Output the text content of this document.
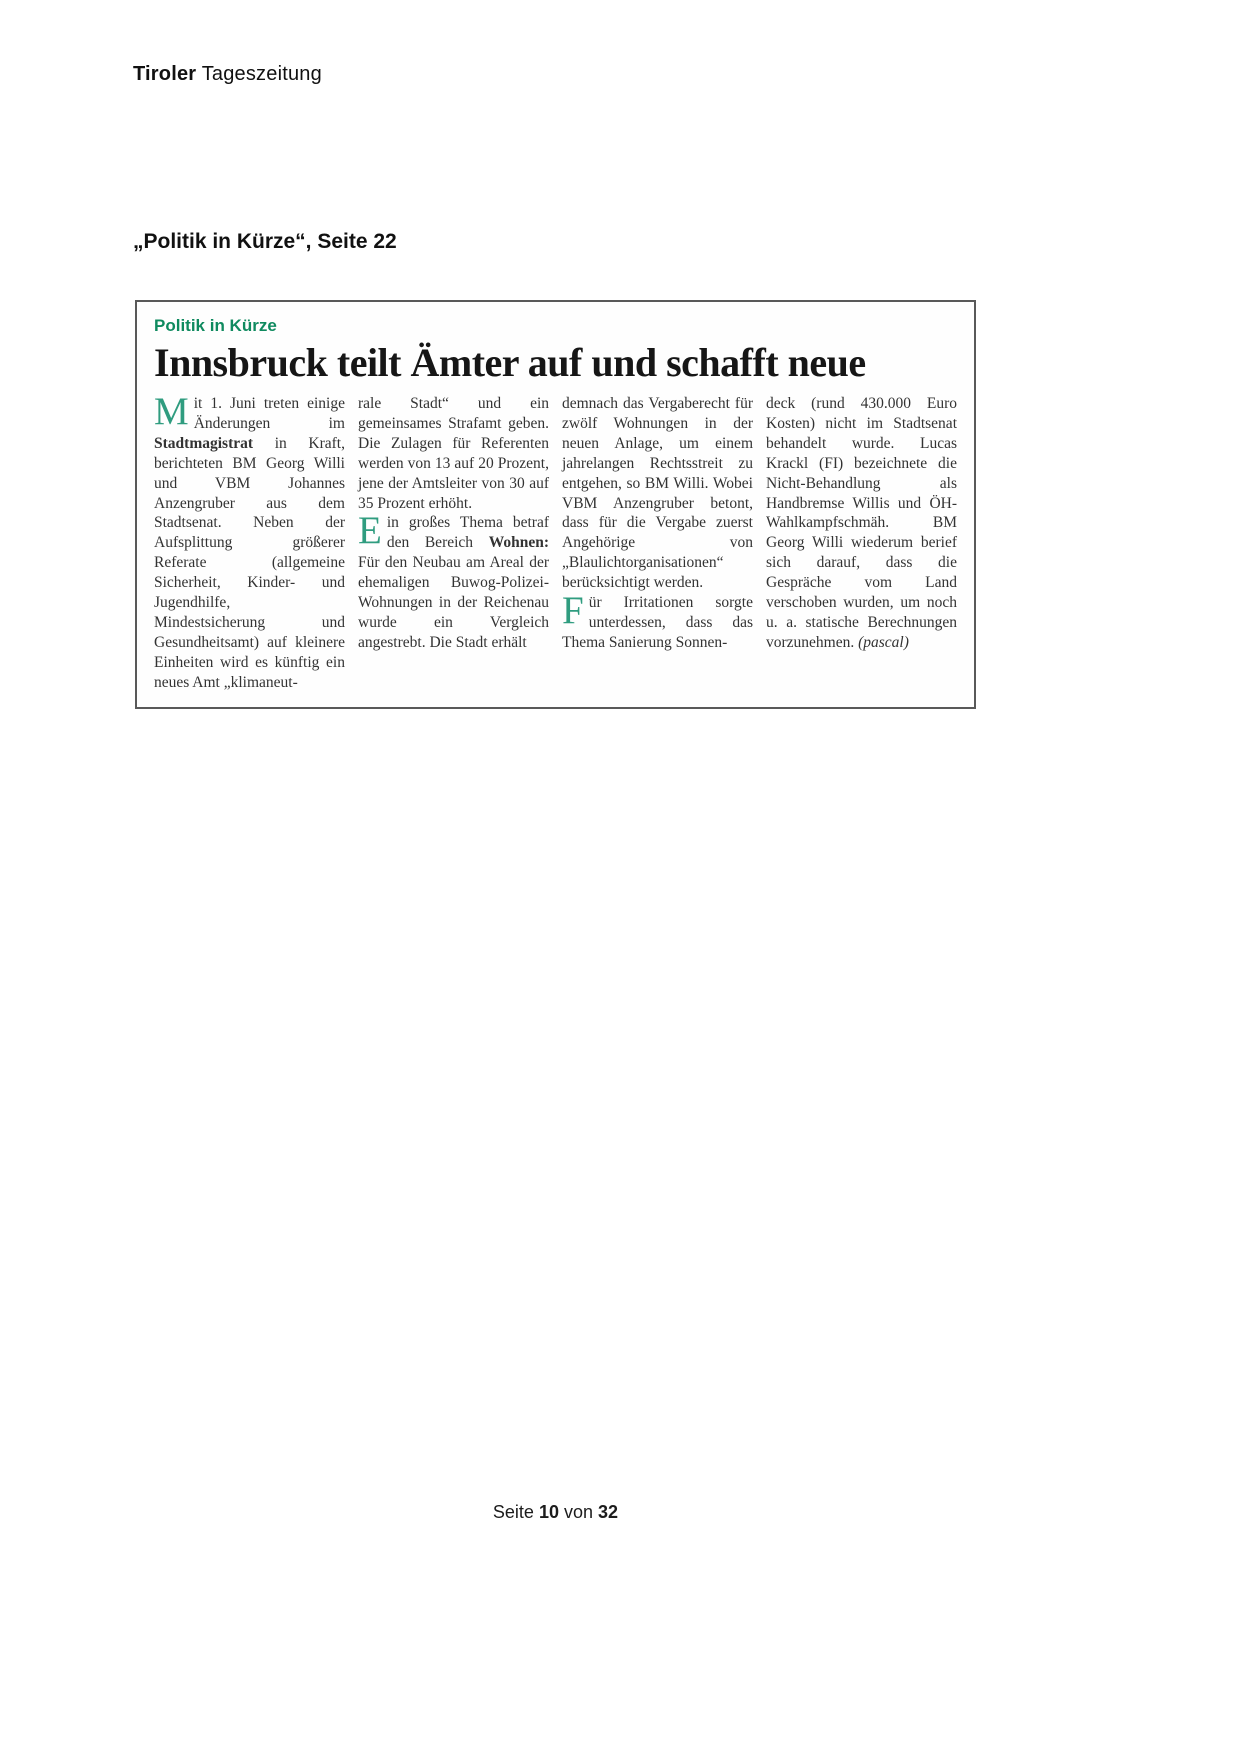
Tiroler Tageszeitung
„Politik in Kürze“, Seite 22
Politik in Kürze
Innsbruck teilt Ämter auf und schafft neue

Mit 1. Juni treten einige Änderungen im Stadtmagistrat in Kraft, berichteten BM Georg Willi und VBM Johannes Anzengruber aus dem Stadtsenat. Neben der Aufsplittung größerer Referate (allgemeine Sicherheit, Kinder- und Jugendhilfe, Mindestsicherung und Gesundheitsamt) auf kleinere Einheiten wird es künftig ein neues Amt „klimaneut-

rale Stadt“ und ein gemeinsames Strafamt geben. Die Zulagen für Referenten werden von 13 auf 20 Prozent, jene der Amtsleiter von 30 auf 35 Prozent erhöht.

Ein großes Thema betraf den Bereich Wohnen: Für den Neubau am Areal der ehemaligen Buwog-Polizei-Wohnungen in der Reichenau wurde ein Vergleich angestrebt. Die Stadt erhält

demnach das Vergaberecht für zwölf Wohnungen in der neuen Anlage, um einem jahrelangen Rechtsstreit zu entgehen, so BM Willi. Wobei VBM Anzengruber betont, dass für die Vergabe zuerst Angehörige von „Blaulichtorganisationen“ berücksichtigt werden.

Für Irritationen sorgte unterdessen, dass das Thema Sanierung Sonnen-

deck (rund 430.000 Euro Kosten) nicht im Stadtsenat behandelt wurde. Lucas Krackl (FI) bezeichnete die Nicht-Behandlung als Handbremse Willis und ÖH-Wahlkampfschmäh. BM Georg Willi wiederum berief sich darauf, dass die Gespräche vom Land verschoben wurden, um noch u. a. statische Berechnungen vorzunehmen. (pascal)

Seite 10 von 32
